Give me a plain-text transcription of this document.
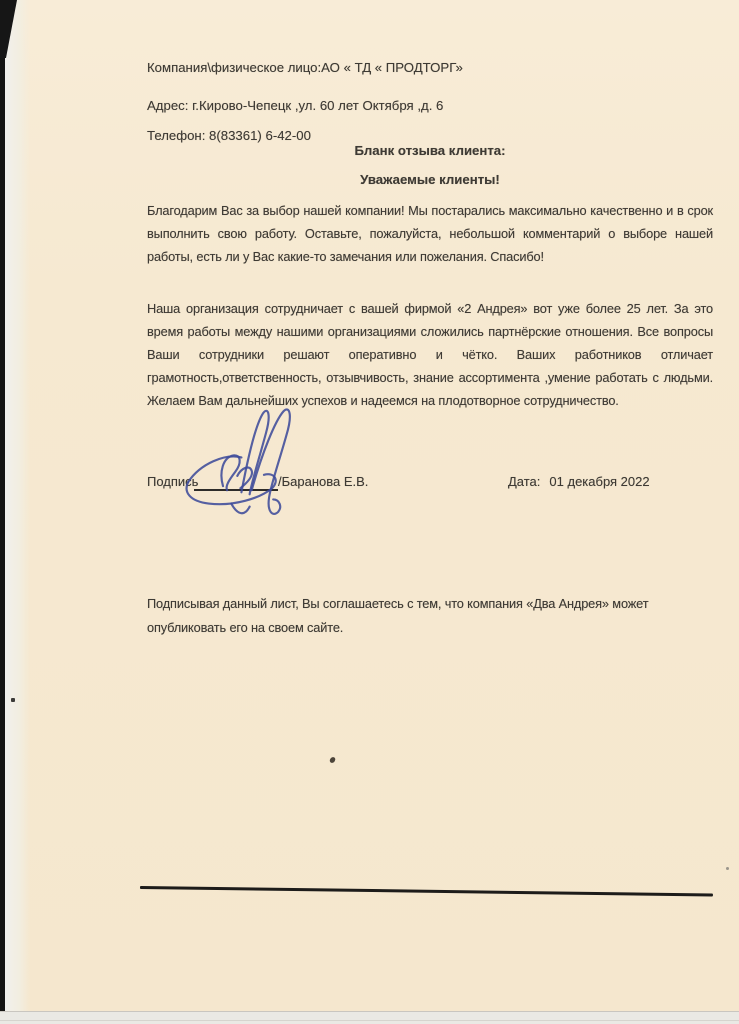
Компания\физическое лицо:АО « ТД « ПРОДТОРГ»

Адрес: г.Кирово-Чепецк ,ул. 60 лет Октября ,д. 6

Телефон: 8(83361) 6-42-00

Бланк отзыва клиента:
Уважаемые клиенты!

Благодарим Вас за выбор нашей компании! Мы постарались максимально качественно и в срок выполнить свою работу. Оставьте, пожалуйста, небольшой комментарий о выборе нашей работы, есть ли у Вас какие-то замечания или пожелания. Спасибо!

Наша организация сотрудничает с вашей фирмой «2 Андрея» вот уже более 25 лет. За это время работы между нашими организациями сложились партнёрские отношения. Все вопросы Ваши сотрудники решают оперативно и чётко. Ваших работников отличает грамотность,ответственность, отзывчивость, знание ассортимента ,умение работать с людьми. Желаем Вам дальнейших успехов и надеемся на плодотворное сотрудничество.

Подпись	/Баранова Е.В.	Дата: 01 декабря 2022

Подписывая данный лист, Вы соглашаетесь с тем, что компания «Два Андрея» может опубликовать его на своем сайте.
